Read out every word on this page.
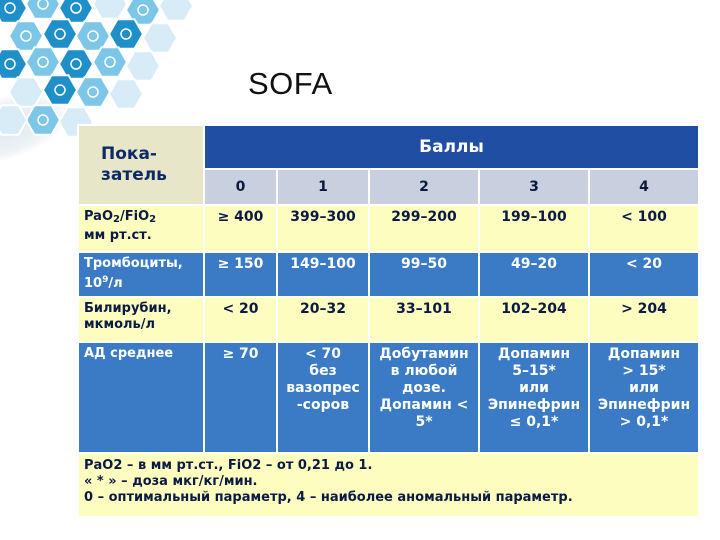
SOFA
Пока-
затель	Баллы				
	0	1	2	3	4
PaO$_2$/FiO$_2$
мм рт.ст.	≥ 400	399–300	299–200	199–100	< 100
Тромбоциты,
$10^9/л$	≥ 150	149–100	99–50	49–20	< 20
Билирубин,
мкмоль/л	< 20	20–32	33–101	102–204	> 204
АД среднее	≥ 70	< 70
без
вазопрес
-соров	Добутамин
в любой
дозе.
Допамин <
5*	Допамин
5–15*
или
Эпинефрин
≤ 0,1*	Допамин
> 15*
или
Эпинефрин
> 0,1*

РаО2 – в мм рт.ст., FiO2 – от 0,21 до 1.
« * » – доза мкг/кг/мин.
0 – оптимальный параметр, 4 – наиболее аномальный параметр.					
